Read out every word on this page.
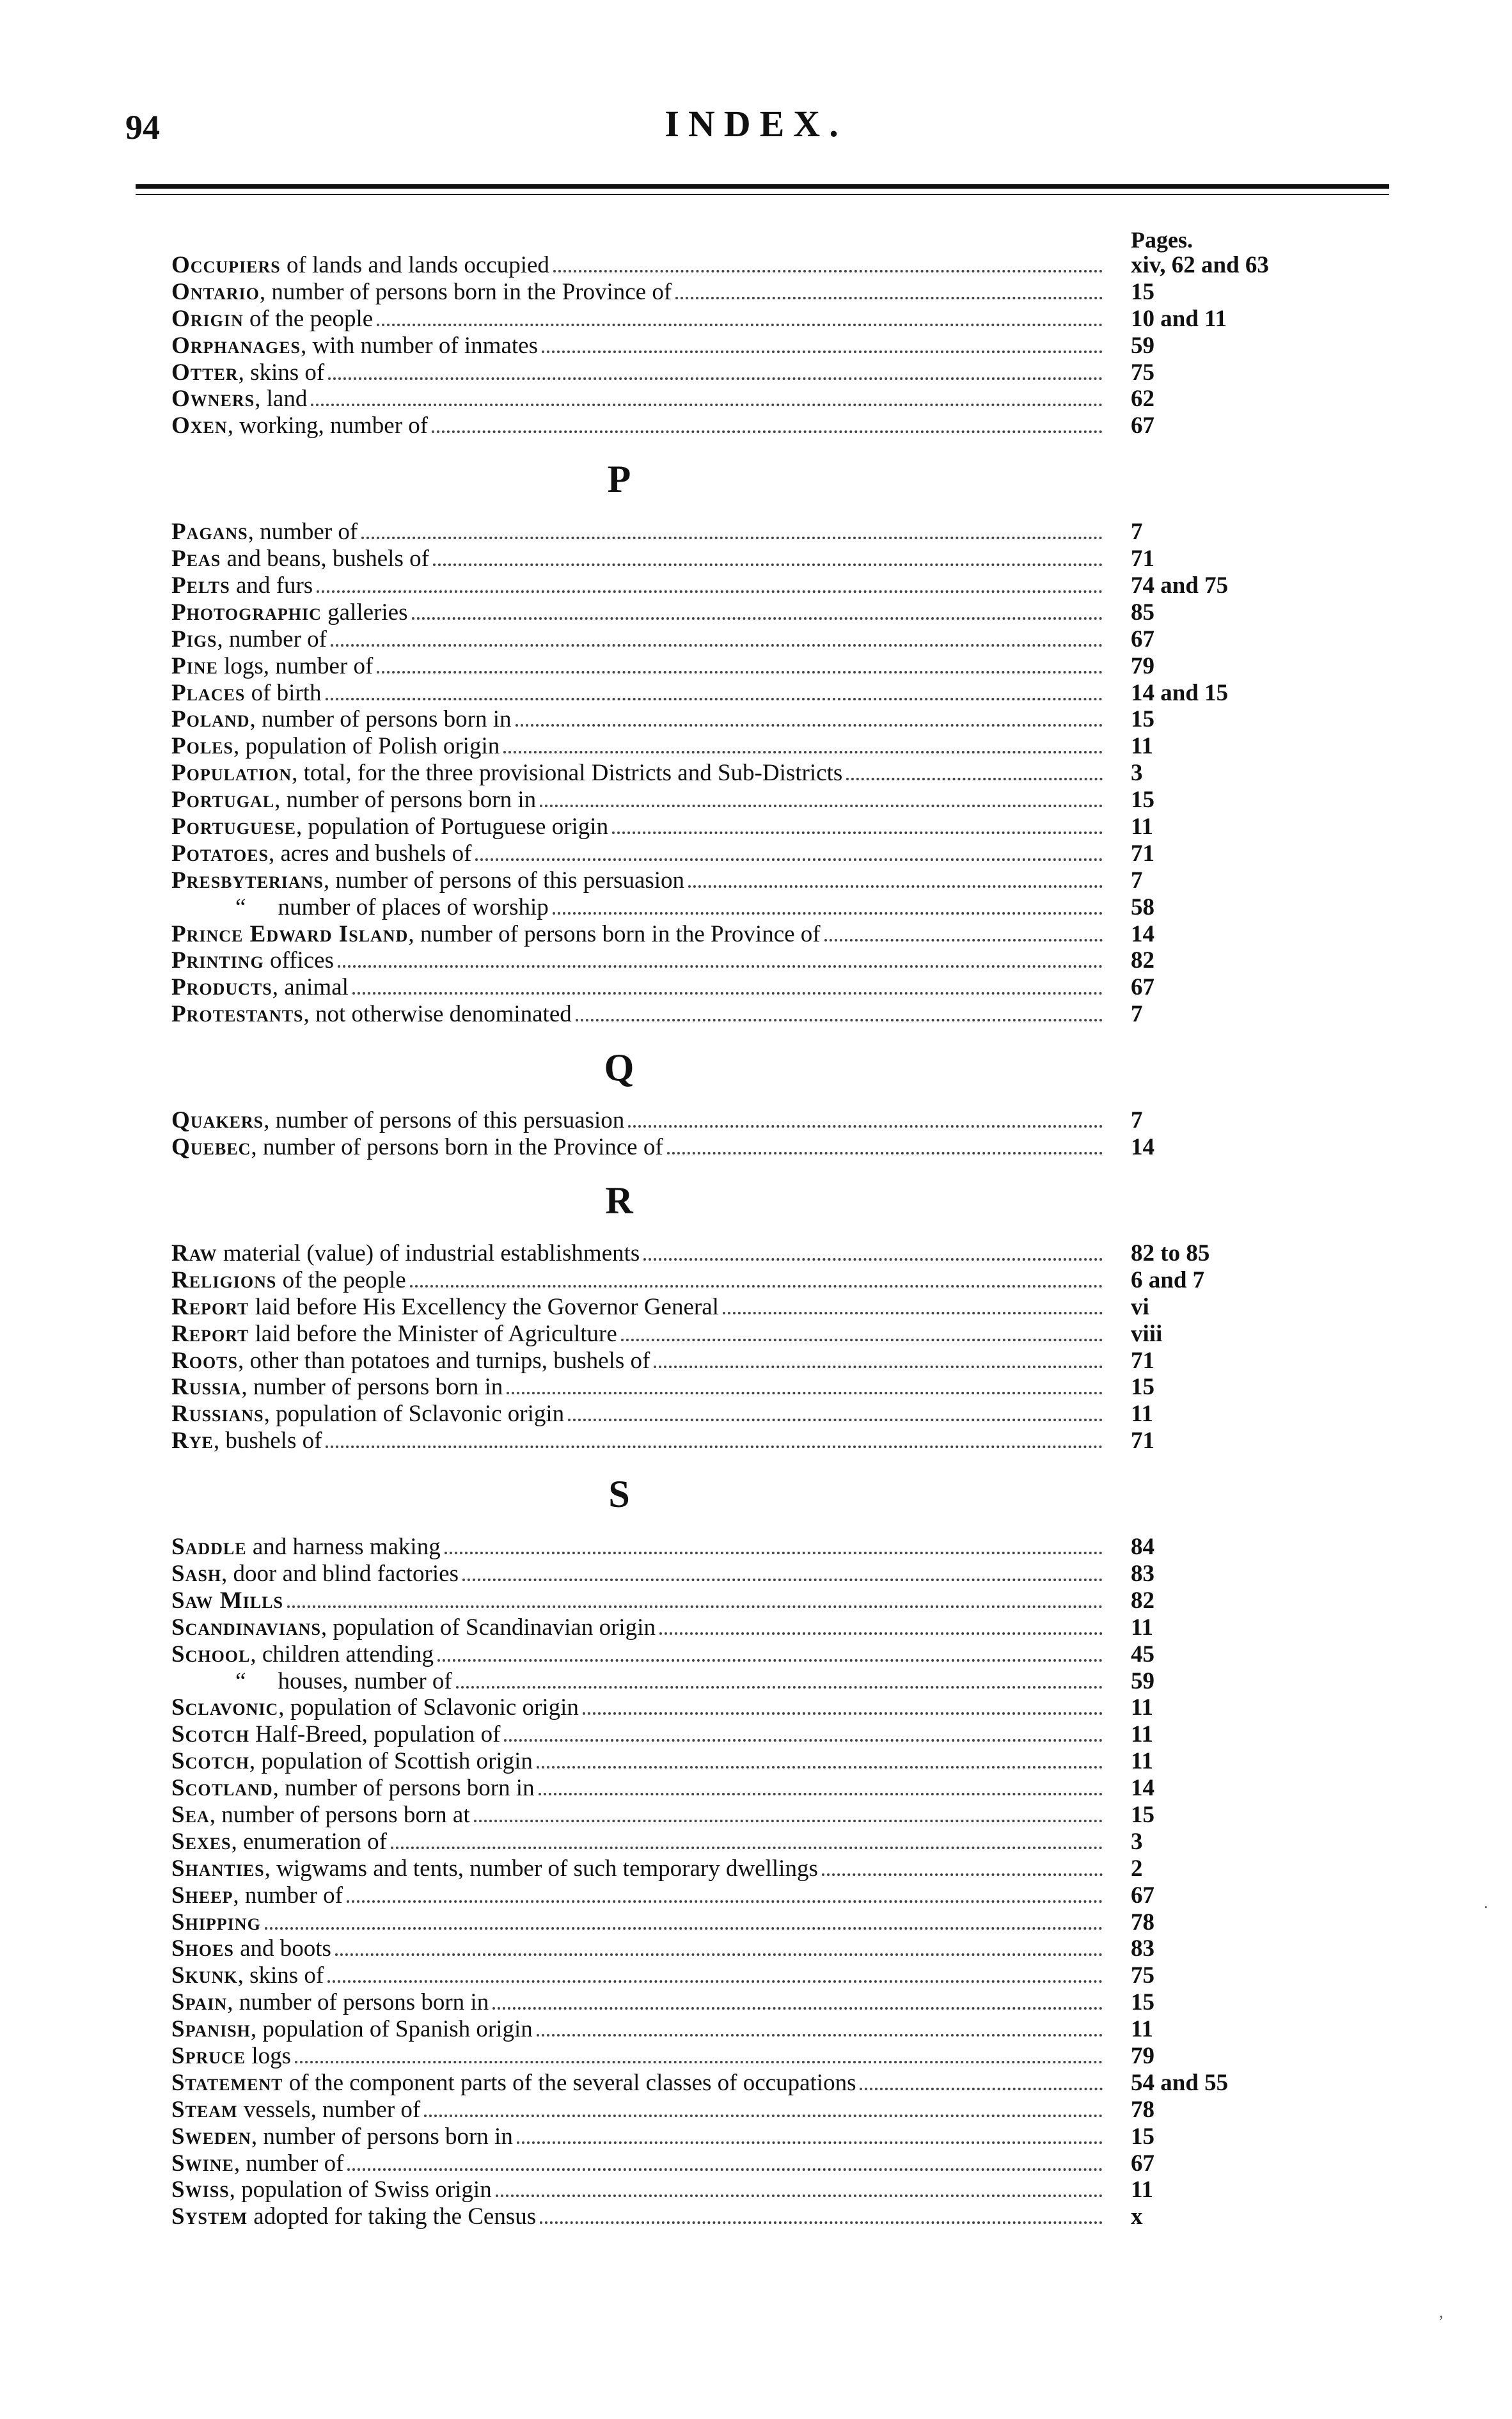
94	INDEX.
Pages.
Occupiers of lands and lands occupied	xiv, 62 and 63
Ontario, number of persons born in the Province of	15
Origin of the people	10 and 11
Orphanages, with number of inmates	59
Otter, skins of	75
Owners, land	62
Oxen, working, number of	67
P
Pagans, number of	7
Peas and beans, bushels of	71
Pelts and furs	74 and 75
Photographic galleries	85
Pigs, number of	67
Pine logs, number of	79
Places of birth	14 and 15
Poland, number of persons born in	15
Poles, population of Polish origin	11
Population, total, for the three provisional Districts and Sub-Districts	3
Portugal, number of persons born in	15
Portuguese, population of Portuguese origin	11
Potatoes, acres and bushels of	71
Presbyterians, number of persons of this persuasion	7
“ number of places of worship	58
Prince Edward Island, number of persons born in the Province of	14
Printing offices	82
Products, animal	67
Protestants, not otherwise denominated	7
Q
Quakers, number of persons of this persuasion	7
Quebec, number of persons born in the Province of	14
R
Raw material (value) of industrial establishments	82 to 85
Religions of the people	6 and 7
Report laid before His Excellency the Governor General	vi
Report laid before the Minister of Agriculture	viii
Roots, other than potatoes and turnips, bushels of	71
Russia, number of persons born in	15
Russians, population of Sclavonic origin	11
Rye, bushels of	71
S
Saddle and harness making	84
Sash, door and blind factories	83
Saw Mills	82
Scandinavians, population of Scandinavian origin	11
School, children attending	45
“ houses, number of	59
Sclavonic, population of Sclavonic origin	11
Scotch Half-Breed, population of	11
Scotch, population of Scottish origin	11
Scotland, number of persons born in	14
Sea, number of persons born at	15
Sexes, enumeration of	3
Shanties, wigwams and tents, number of such temporary dwellings	2
Sheep, number of	67
Shipping	78
Shoes and boots	83
Skunk, skins of	75
Spain, number of persons born in	15
Spanish, population of Spanish origin	11
Spruce logs	79
Statement of the component parts of the several classes of occupations	54 and 55
Steam vessels, number of	78
Sweden, number of persons born in	15
Swine, number of	67
Swiss, population of Swiss origin	11
System adopted for taking the Census	x
.
,
